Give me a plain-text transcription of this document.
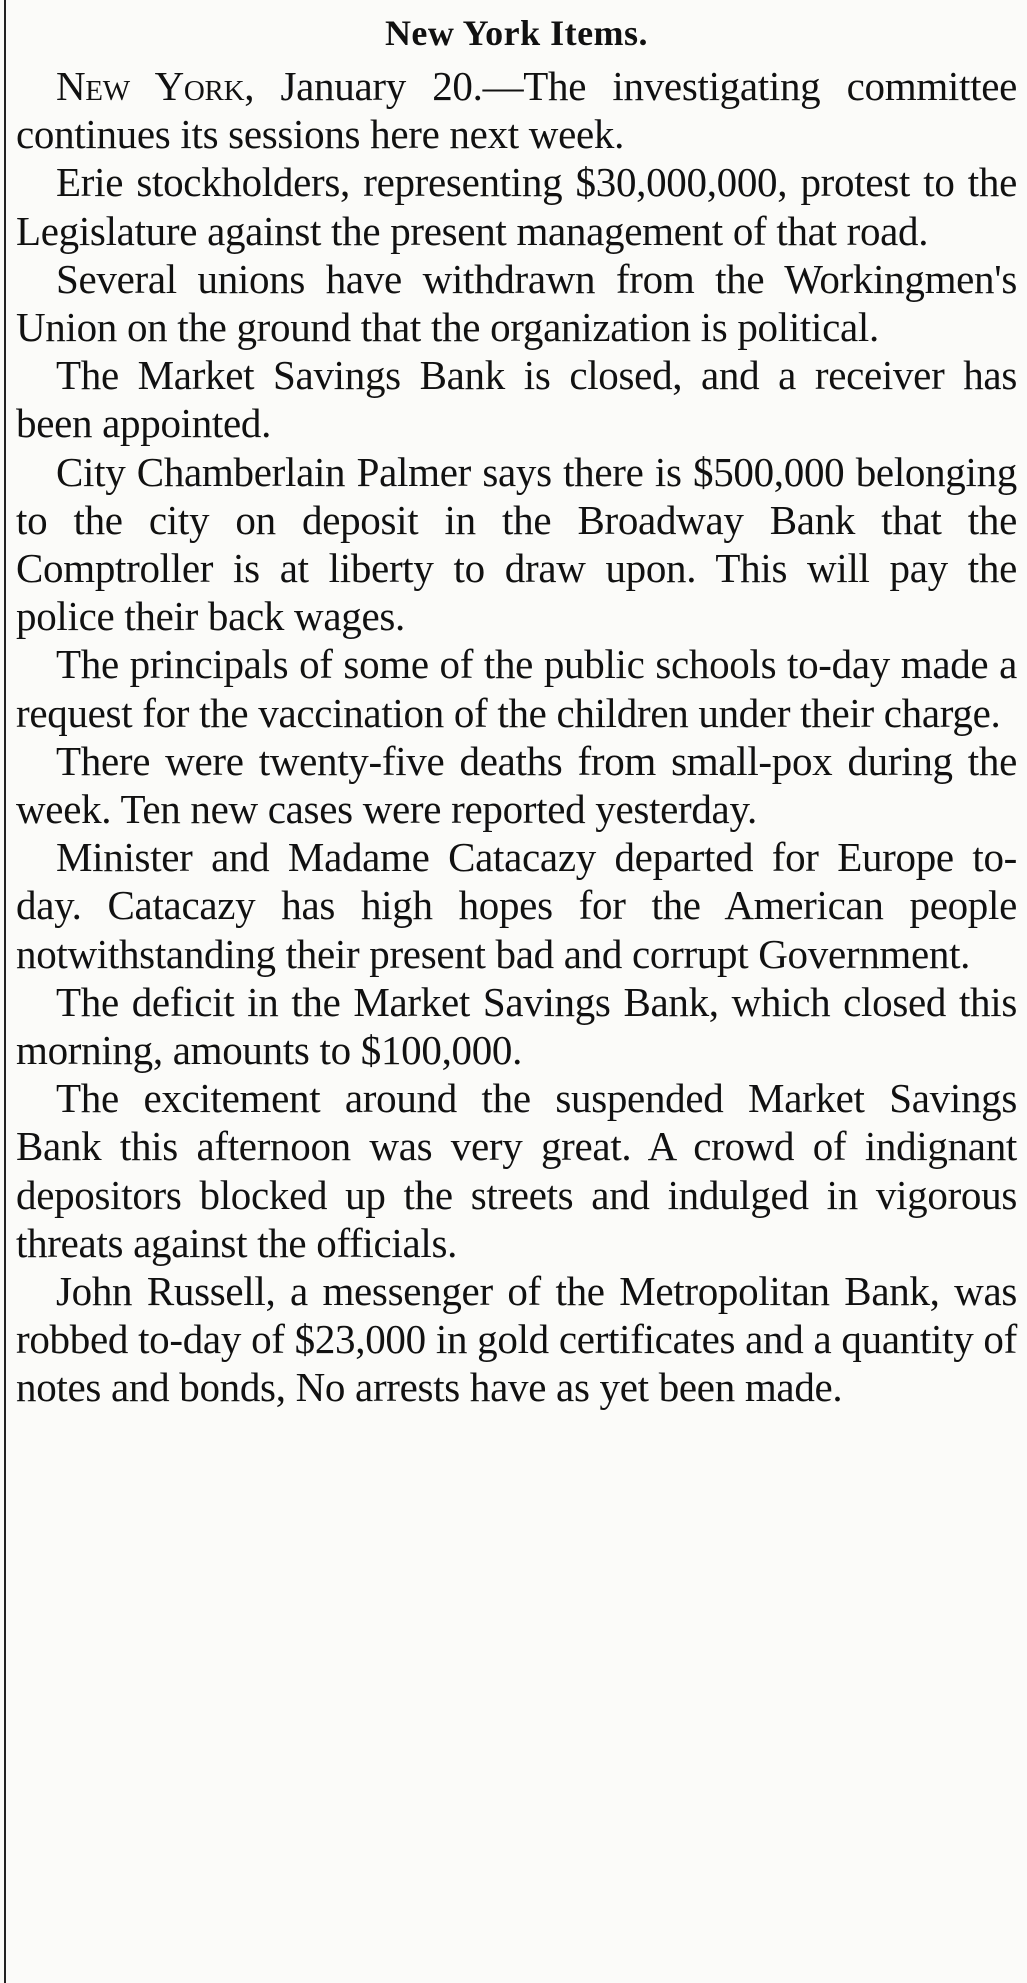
New York Items.

New York, January 20.—The investigating committee continues its sessions here next week.

Erie stockholders, representing $30,000,000, protest to the Legislature against the present management of that road.

Several unions have withdrawn from the Workingmen's Union on the ground that the organization is political.

The Market Savings Bank is closed, and a receiver has been appointed.

City Chamberlain Palmer says there is $500,000 belonging to the city on deposit in the Broadway Bank that the Comptroller is at liberty to draw upon. This will pay the police their back wages.

The principals of some of the public schools to-day made a request for the vaccination of the children under their charge.

There were twenty-five deaths from small-pox during the week. Ten new cases were reported yesterday.

Minister and Madame Catacazy departed for Europe to-day. Catacazy has high hopes for the American people notwithstanding their present bad and corrupt Government.

The deficit in the Market Savings Bank, which closed this morning, amounts to $100,000.

The excitement around the suspended Market Savings Bank this afternoon was very great. A crowd of indignant depositors blocked up the streets and indulged in vigorous threats against the officials.

John Russell, a messenger of the Metropolitan Bank, was robbed to-day of $23,000 in gold certificates and a quantity of notes and bonds, No arrests have as yet been made.
